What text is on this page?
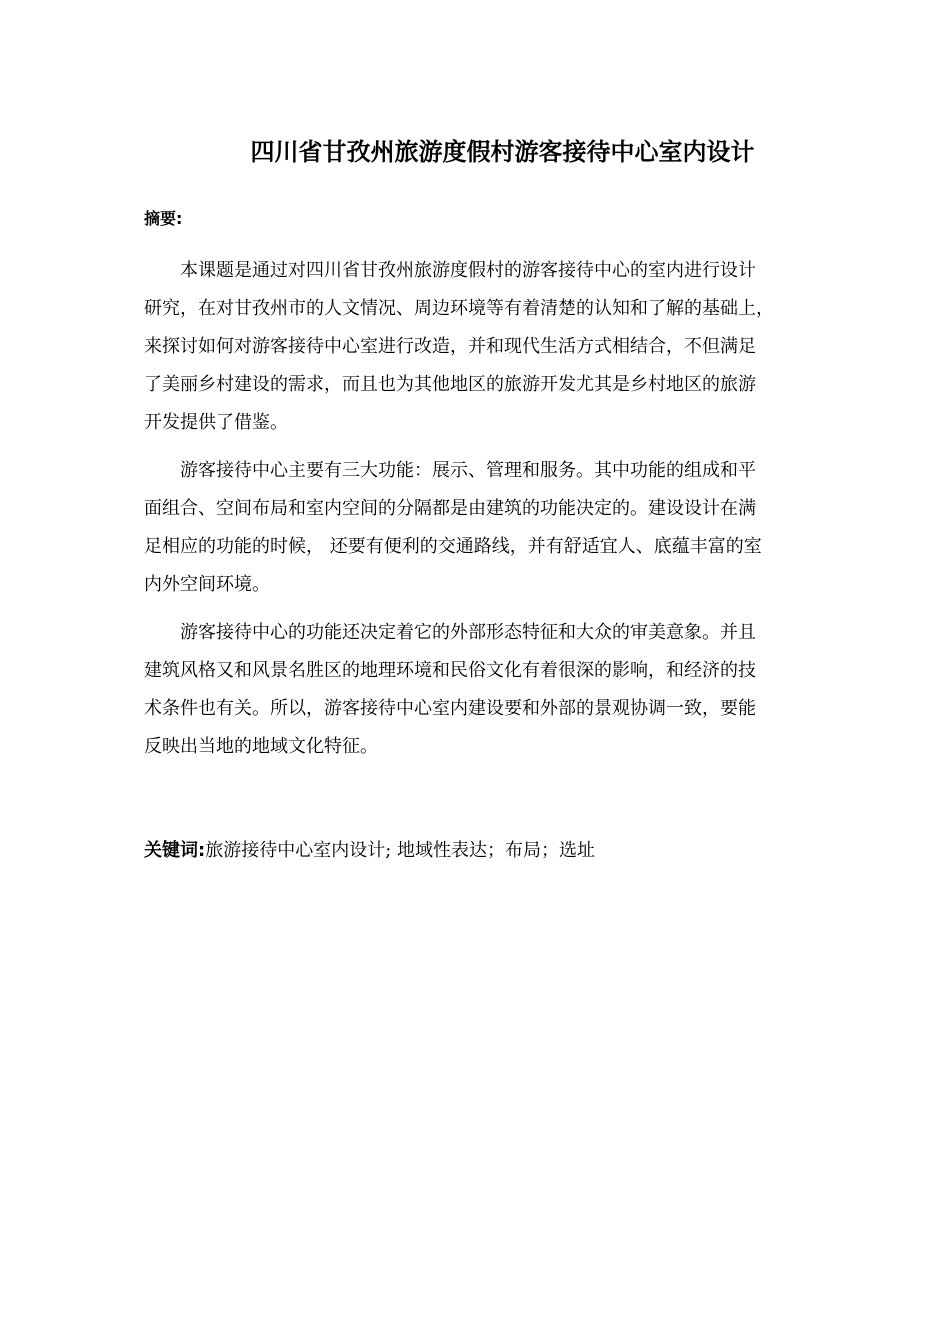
四川省甘孜州旅游度假村游客接待中心室内设计

摘要:

本课题是通过对四川省甘孜州旅游度假村的游客接待中心的室内进行设计
研究，在对甘孜州市的人文情况、周边环境等有着清楚的认知和了解的基础上，
来探讨如何对游客接待中心室进行改造，并和现代生活方式相结合，不但满足
了美丽乡村建设的需求，而且也为其他地区的旅游开发尤其是乡村地区的旅游
开发提供了借鉴。

游客接待中心主要有三大功能：展示、管理和服务。其中功能的组成和平
面组合、空间布局和室内空间的分隔都是由建筑的功能决定的。建设设计在满
足相应的功能的时候， 还要有便利的交通路线，并有舒适宜人、底蕴丰富的室
内外空间环境。

游客接待中心的功能还决定着它的外部形态特征和大众的审美意象。并且
建筑风格又和风景名胜区的地理环境和民俗文化有着很深的影响，和经济的技
术条件也有关。所以，游客接待中心室内建设要和外部的景观协调一致，要能
反映出当地的地域文化特征。

关键词:旅游接待中心室内设计; 地域性表达；布局；选址
